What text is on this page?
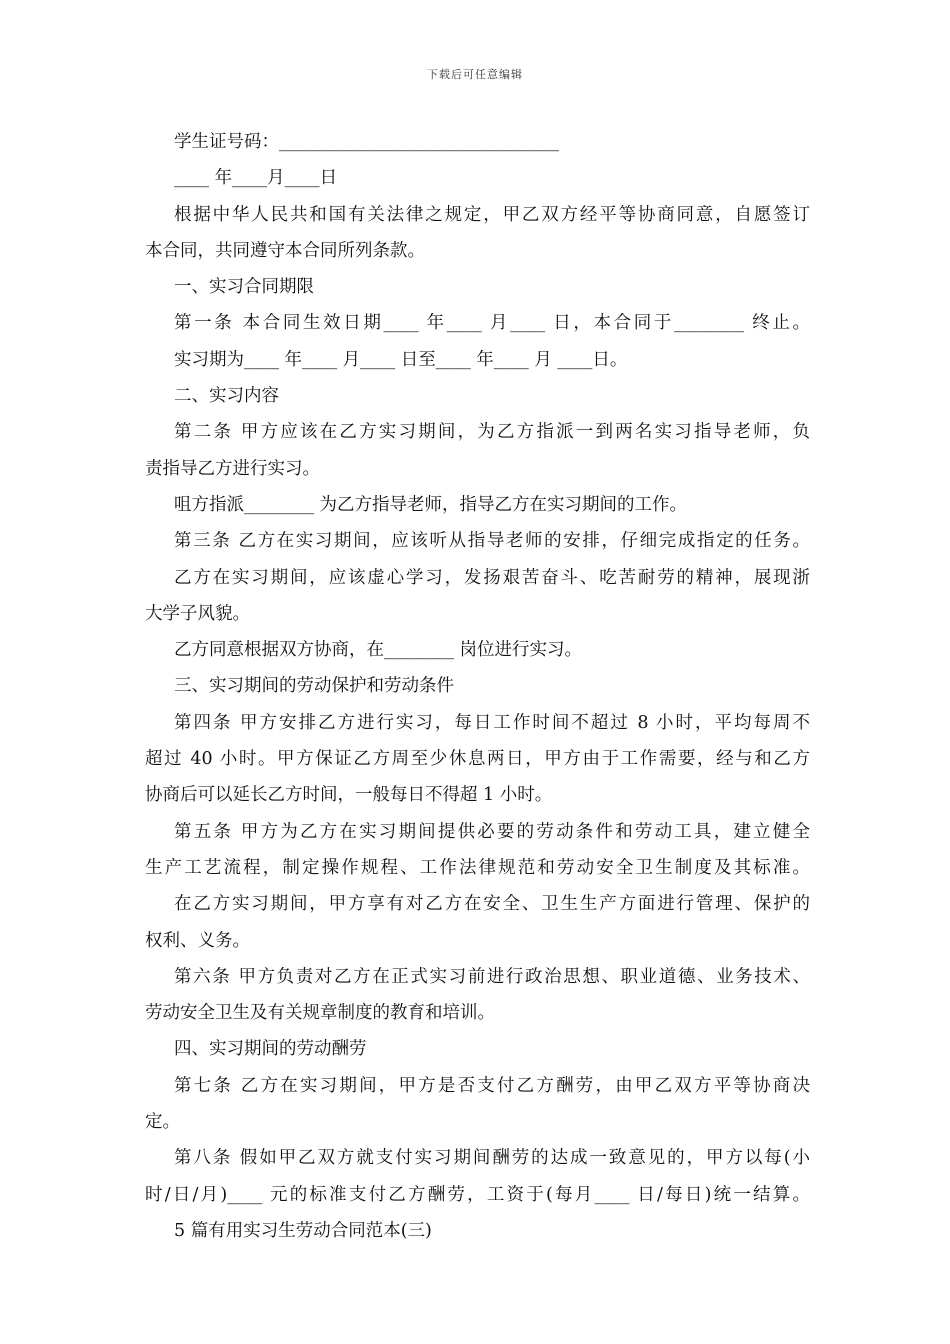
下载后可任意编辑
学生证号码：________________________________
____ 年____月____日
根据中华人民共和国有关法律之规定，甲乙双方经平等协商同意，自愿签订
本合同，共同遵守本合同所列条款。
一、实习合同期限
第一条 本合同生效日期____ 年____ 月____ 日，本合同于________ 终止。
实习期为____ 年____ 月____ 日至____ 年____ 月 ____日。
二、实习内容
第二条 甲方应该在乙方实习期间，为乙方指派一到两名实习指导老师，负
责指导乙方进行实习。
咀方指派________ 为乙方指导老师，指导乙方在实习期间的工作。
第三条 乙方在实习期间，应该听从指导老师的安排，仔细完成指定的任务。
乙方在实习期间，应该虚心学习，发扬艰苦奋斗、吃苦耐劳的精神，展现浙
大学子风貌。
乙方同意根据双方协商，在________ 岗位进行实习。
三、实习期间的劳动保护和劳动条件
第四条 甲方安排乙方进行实习，每日工作时间不超过 8 小时，平均每周不
超过 40 小时。甲方保证乙方周至少休息两日，甲方由于工作需要，经与和乙方
协商后可以延长乙方时间，一般每日不得超 1 小时。
第五条 甲方为乙方在实习期间提供必要的劳动条件和劳动工具，建立健全
生产工艺流程，制定操作规程、工作法律规范和劳动安全卫生制度及其标准。
在乙方实习期间，甲方享有对乙方在安全、卫生生产方面进行管理、保护的
权利、义务。
第六条 甲方负责对乙方在正式实习前进行政治思想、职业道德、业务技术、
劳动安全卫生及有关规章制度的教育和培训。
四、实习期间的劳动酬劳
第七条 乙方在实习期间，甲方是否支付乙方酬劳，由甲乙双方平等协商决
定。
第八条 假如甲乙双方就支付实习期间酬劳的达成一致意见的，甲方以每(小
时/日/月)____ 元的标准支付乙方酬劳，工资于(每月____ 日/每日)统一结算。
5 篇有用实习生劳动合同范本(三)
